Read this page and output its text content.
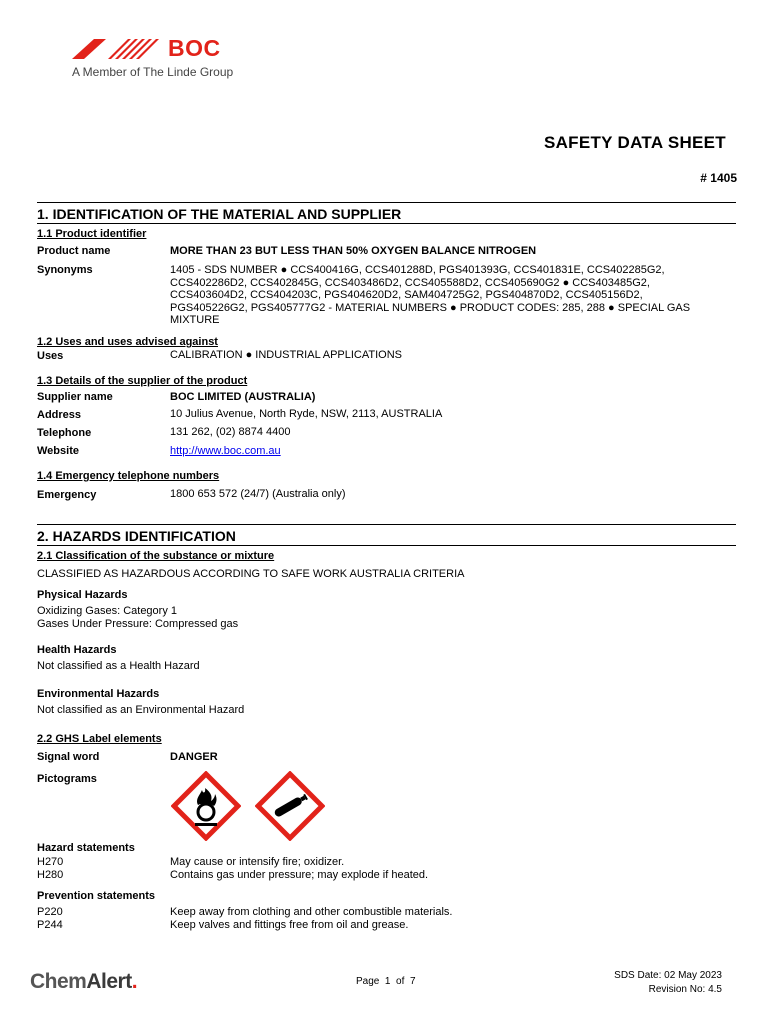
BOC
A Member of The Linde Group
SAFETY DATA SHEET
# 1405
1. IDENTIFICATION OF THE MATERIAL AND SUPPLIER
1.1 Product identifier
Product name	MORE THAN 23 BUT LESS THAN 50% OXYGEN BALANCE NITROGEN
Synonyms	1405 - SDS NUMBER ● CCS400416G, CCS401288D, PGS401393G, CCS401831E, CCS402285G2,
CCS402286D2, CCS402845G, CCS403486D2, CCS405588D2, CCS405690G2 ● CCS403485G2,
CCS403604D2, CCS404203C, PGS404620D2, SAM404725G2, PGS404870D2, CCS405156D2,
PGS405226G2, PGS405777G2 - MATERIAL NUMBERS ● PRODUCT CODES: 285, 288 ● SPECIAL GAS
MIXTURE
1.2 Uses and uses advised against
Uses	CALIBRATION ● INDUSTRIAL APPLICATIONS
1.3 Details of the supplier of the product
Supplier name	BOC LIMITED (AUSTRALIA)
Address	10 Julius Avenue, North Ryde, NSW, 2113, AUSTRALIA
Telephone	131 262, (02) 8874 4400
Website	http://www.boc.com.au
1.4 Emergency telephone numbers
Emergency	1800 653 572 (24/7) (Australia only)
2. HAZARDS IDENTIFICATION
2.1 Classification of the substance or mixture
CLASSIFIED AS HAZARDOUS ACCORDING TO SAFE WORK AUSTRALIA CRITERIA
Physical Hazards
Oxidizing Gases: Category 1
Gases Under Pressure: Compressed gas
Health Hazards
Not classified as a Health Hazard
Environmental Hazards
Not classified as an Environmental Hazard
2.2 GHS Label elements
Signal word	DANGER
Pictograms
Hazard statements
H270	May cause or intensify fire; oxidizer.
H280	Contains gas under pressure; may explode if heated.
Prevention statements
P220	Keep away from clothing and other combustible materials.
P244	Keep valves and fittings free from oil and grease.
ChemAlert.	Page 1 of 7
SDS Date: 02 May 2023
Revision No: 4.5
